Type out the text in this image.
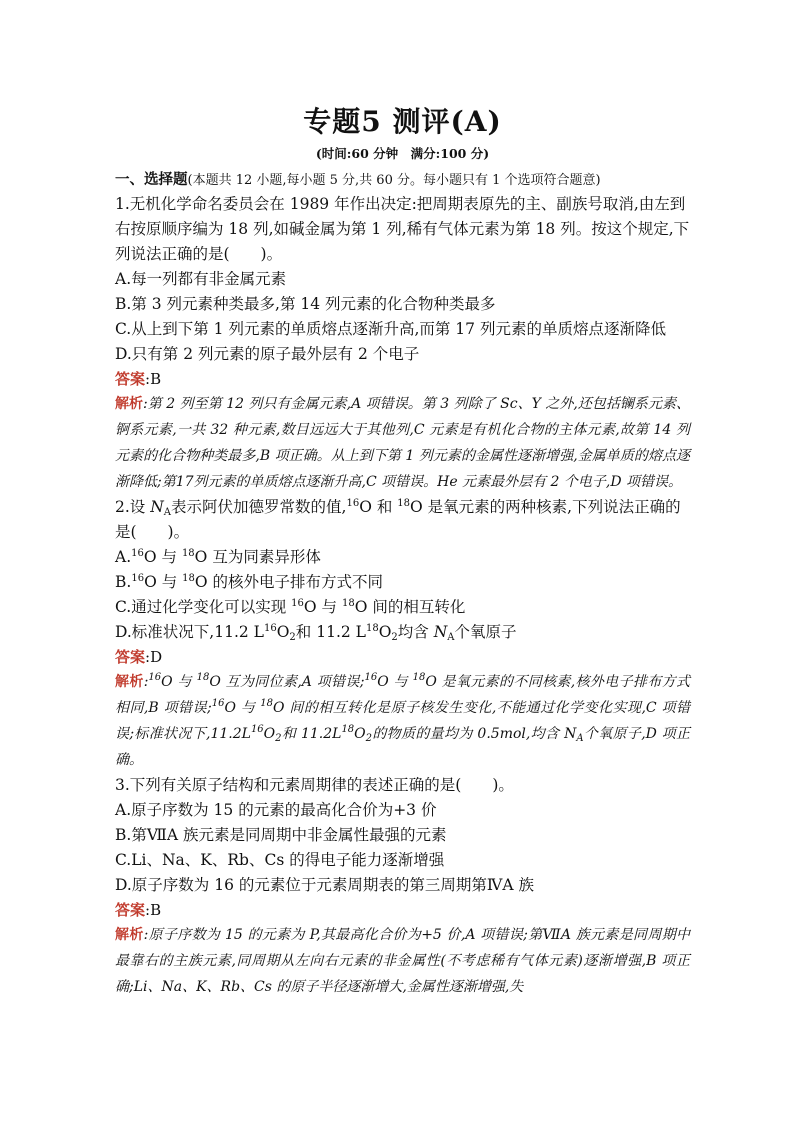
专题5 测评(A)
(时间:60 分钟　满分:100 分)
一、选择题(本题共 12 小题,每小题 5 分,共 60 分。每小题只有 1 个选项符合题意)
1.无机化学命名委员会在 1989 年作出决定:把周期表原先的主、副族号取消,由左到右按原顺序编为 18 列,如碱金属为第 1 列,稀有气体元素为第 18 列。按这个规定,下列说法正确的是(　　)。
A.每一列都有非金属元素
B.第 3 列元素种类最多,第 14 列元素的化合物种类最多
C.从上到下第 1 列元素的单质熔点逐渐升高,而第 17 列元素的单质熔点逐渐降低
D.只有第 2 列元素的原子最外层有 2 个电子
答案:B
解析:第 2 列至第 12 列只有金属元素,A 项错误。第 3 列除了 Sc、Y 之外,还包括镧系元素、锕系元素,一共 32 种元素,数目远远大于其他列,C 元素是有机化合物的主体元素,故第 14 列元素的化合物种类最多,B 项正确。从上到下第 1 列元素的金属性逐渐增强,金属单质的熔点逐渐降低;第17列元素的单质熔点逐渐升高,C 项错误。He 元素最外层有 2 个电子,D 项错误。
2.设 $N_A$表示阿伏加德罗常数的值,$^{16}$O 和 $^{18}$O 是氧元素的两种核素,下列说法正确的是(　　)。
A.$^{16}$O 与 $^{18}$O 互为同素异形体
B.$^{16}$O 与 $^{18}$O 的核外电子排布方式不同
C.通过化学变化可以实现 $^{16}$O 与 $^{18}$O 间的相互转化
D.标准状况下,11.2 $L^{16}O_2$和 11.2 $L^{18}O_2$均含 $N_A$个氧原子
答案:D
解析:$^{16}$O 与 $^{18}$O 互为同位素,A 项错误;$^{16}$O 与 $^{18}$O 是氧元素的不同核素,核外电子排布方式相同,B 项错误;$^{16}$O 与 $^{18}$O 间的相互转化是原子核发生变化,不能通过化学变化实现,C 项错误;标准状况下$,11.2L^{16}O_2$和 $11.2L^{18}O_2$的物质的量均为 0.5mol,均含 $N_A$个氧原子,D 项正确。
3.下列有关原子结构和元素周期律的表述正确的是(　　)。
A.原子序数为 15 的元素的最高化合价为+3 价
B.第ⅦA 族元素是同周期中非金属性最强的元素
C.Li、Na、K、Rb、Cs 的得电子能力逐渐增强
D.原子序数为 16 的元素位于元素周期表的第三周期第ⅣA 族
答案:B
解析:原子序数为 15 的元素为 P,其最高化合价为+5 价,A 项错误;第ⅦA 族元素是同周期中最靠右的主族元素,同周期从左向右元素的非金属性(不考虑稀有气体元素)逐渐增强,B 项正确;Li、Na、K、Rb、Cs 的原子半径逐渐增大,金属性逐渐增强,失
